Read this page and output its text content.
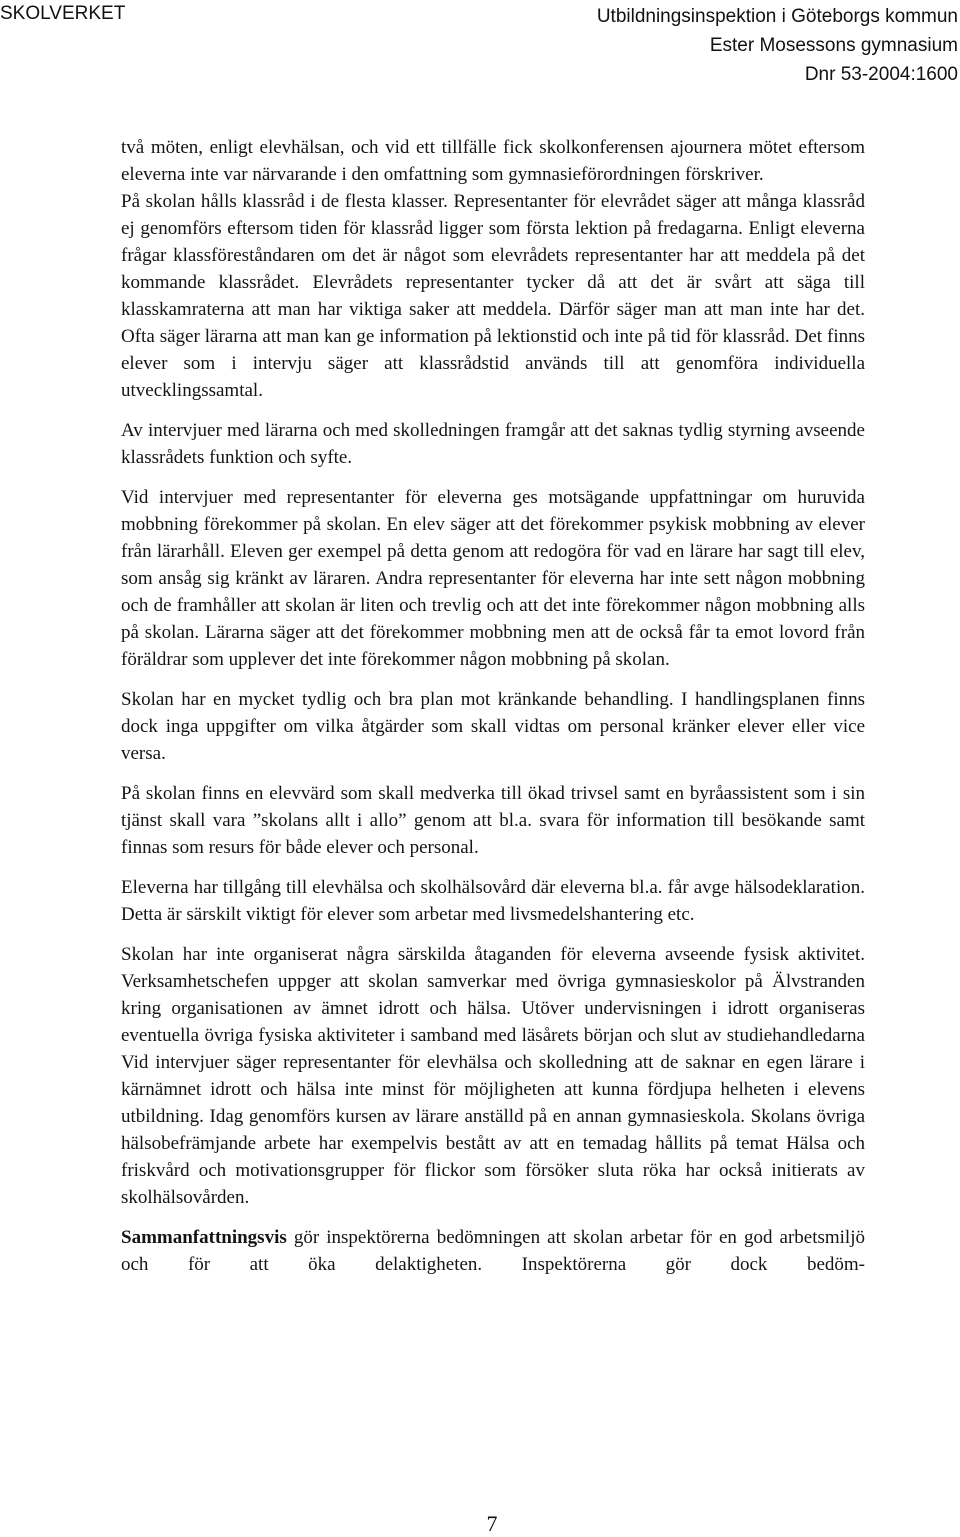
SKOLVERKET	Utbildningsinspektion i Göteborgs kommun
Ester Mosessons gymnasium
Dnr 53-2004:1600

två möten, enligt elevhälsan, och vid ett tillfälle fick skolkonferensen ajournera mötet eftersom eleverna inte var närvarande i den omfattning som gymnasieförordningen förskriver.

På skolan hålls klassråd i de flesta klasser. Representanter för elevrådet säger att många klassråd ej genomförs eftersom tiden för klassråd ligger som första lektion på fredagarna. Enligt eleverna frågar klassföreståndaren om det är något som elevrådets representanter har att meddela på det kommande klassrådet. Elevrådets representanter tycker då att det är svårt att säga till klasskamraterna att man har viktiga saker att meddela. Därför säger man att man inte har det. Ofta säger lärarna att man kan ge information på lektionstid och inte på tid för klassråd. Det finns elever som i intervju säger att klassrådstid används till att genomföra individuella utvecklingssamtal.

Av intervjuer med lärarna och med skolledningen framgår att det saknas tydlig styrning avseende klassrådets funktion och syfte.

Vid intervjuer med representanter för eleverna ges motsägande uppfattningar om huruvida mobbning förekommer på skolan. En elev säger att det förekommer psykisk mobbning av elever från lärarhåll. Eleven ger exempel på detta genom att redogöra för vad en lärare har sagt till elev, som ansåg sig kränkt av läraren. Andra representanter för eleverna har inte sett någon mobbning och de framhåller att skolan är liten och trevlig och att det inte förekommer någon mobbning alls på skolan. Lärarna säger att det förekommer mobbning men att de också får ta emot lovord från föräldrar som upplever det inte förekommer någon mobbning på skolan.

Skolan har en mycket tydlig och bra plan mot kränkande behandling. I handlingsplanen finns dock inga uppgifter om vilka åtgärder som skall vidtas om personal kränker elever eller vice versa.

På skolan finns en elevvärd som skall medverka till ökad trivsel samt en byråassistent som i sin tjänst skall vara ”skolans allt i allo” genom att bl.a. svara för information till besökande samt finnas som resurs för både elever och personal.

Eleverna har tillgång till elevhälsa och skolhälsovård där eleverna bl.a. får avge hälsodeklaration. Detta är särskilt viktigt för elever som arbetar med livsmedelshantering etc.

Skolan har inte organiserat några särskilda åtaganden för eleverna avseende fysisk aktivitet. Verksamhetschefen uppger att skolan samverkar med övriga gymnasieskolor på Älvstranden kring organisationen av ämnet idrott och hälsa. Utöver undervisningen i idrott organiseras eventuella övriga fysiska aktiviteter i samband med läsårets början och slut av studiehandledarna Vid intervjuer säger representanter för elevhälsa och skolledning att de saknar en egen lärare i kärnämnet idrott och hälsa inte minst för möjligheten att kunna fördjupa helheten i elevens utbildning. Idag genomförs kursen av lärare anställd på en annan gymnasieskola. Skolans övriga hälsobefrämjande arbete har exempelvis bestått av att en temadag hållits på temat Hälsa och friskvård och motivationsgrupper för flickor som försöker sluta röka har också initierats av skolhälsovården.

Sammanfattningsvis gör inspektörerna bedömningen att skolan arbetar för en god arbetsmiljö och för att öka delaktigheten. Inspektörerna gör dock bedöm-

7
